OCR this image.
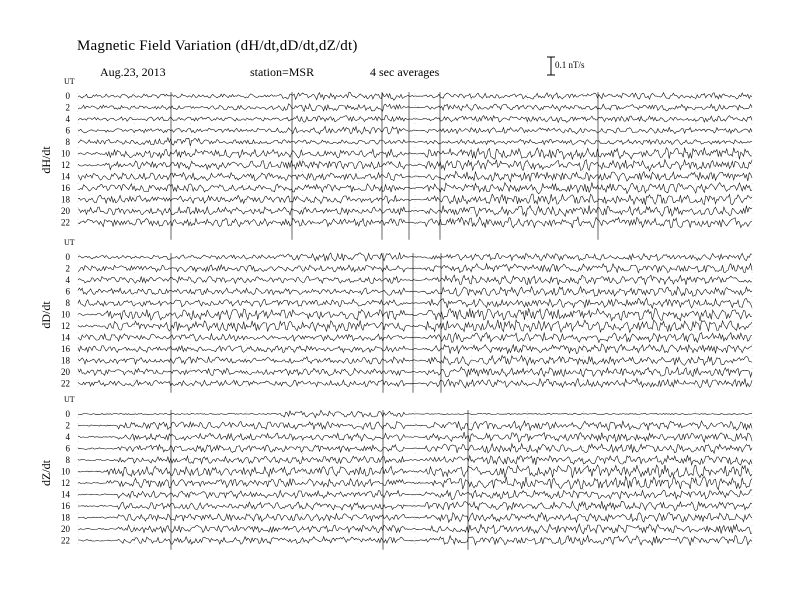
Magnetic Field Variation (dH/dt,dD/dt,dZ/dt)
Aug.23, 2013	station=MSR	4 sec averages	0.1 nT/s
UT
dH/dt
0
2
4
6
8
10
12
14
16
18
20
22
UT
dD/dt
0
2
4
6
8
10
12
14
16
18
20
22
UT
dZ/dt
0
2
4
6
8
10
12
14
16
18
20
22
